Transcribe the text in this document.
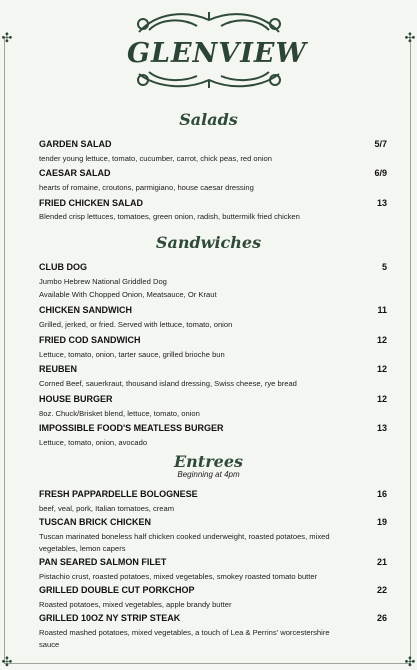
✣	✣
✣	✣
GLENVIEW
Salads
GARDEN SALAD	5/7
tender young lettuce, tomato, cucumber, carrot, chick peas, red onion
CAESAR SALAD	6/9
hearts of romaine, croutons, parmigiano, house caesar dressing
FRIED CHICKEN SALAD	13
Blended crisp lettuces, tomatoes, green onion, radish, buttermilk fried chicken
Sandwiches
CLUB DOG	5
Jumbo Hebrew National Griddled Dog
Available With Chopped Onion, Meatsauce, Or Kraut
CHICKEN SANDWICH	11
Grilled, jerked, or fried. Served with lettuce, tomato, onion
FRIED COD SANDWICH	12
Lettuce, tomato, onion, tarter sauce, grilled brioche bun
REUBEN	12
Corned Beef, sauerkraut, thousand island dressing, Swiss cheese, rye bread
HOUSE BURGER	12
8oz. Chuck/Brisket blend, lettuce, tomato, onion
IMPOSSIBLE FOOD'S MEATLESS BURGER	13
Lettuce, tomato, onion, avocado
Entrees
Beginning at 4pm
FRESH PAPPARDELLE BOLOGNESE	16
beef, veal, pork, Italian tomatoes, cream
TUSCAN BRICK CHICKEN	19
Tuscan marinated boneless half chicken cooked underweight, roasted potatoes, mixed
vegetables, lemon capers
PAN SEARED SALMON FILET	21
Pistachio crust, roasted potatoes, mixed vegetables, smokey roasted tomato butter
GRILLED DOUBLE CUT PORKCHOP	22
Roasted potatoes, mixed vegetables, apple brandy butter
GRILLED 10OZ NY STRIP STEAK	26
Roasted mashed potatoes, mixed vegetables, a touch of Lea & Perrins' worcestershire
sauce
